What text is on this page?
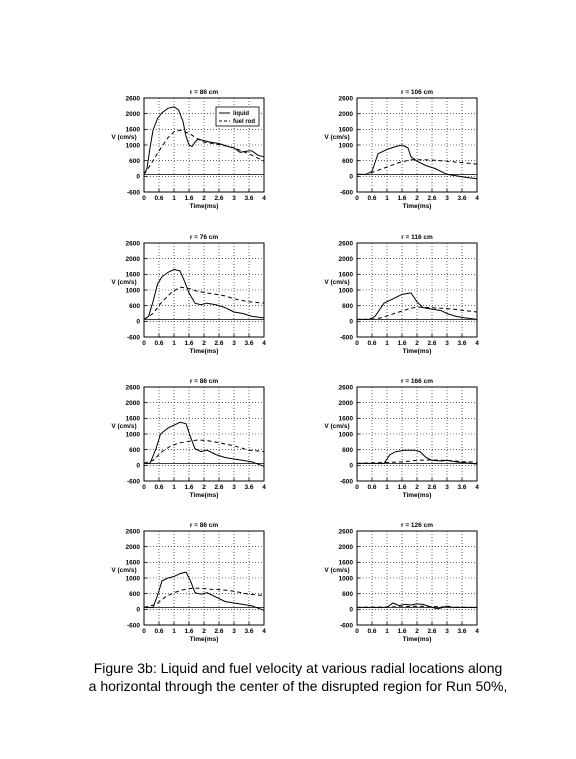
0 0.6 1 1.6 2 2.6 3 3.6 4
2600
2000
1600
1000
600
0
-600
r = 86 cm
Time(ms)
V (cm/s)
liquid
fuel rod
0 0.6 1 1.6 2 2.6 3 3.6 4
2600
2000
1600
1000
600
0
-600
r = 106 cm
Time(ms)
V (cm/s)
0 0.6 1 1.6 2 2.6 3 3.6 4
2600
2000
1600
1000
600
0
-600
r = 76 cm
Time(ms)
V (cm/s)
0 0.6 1 1.6 2 2.6 3 3.6 4
2600
2000
1600
1000
600
0
-600
r = 116 cm
Time(ms)
V (cm/s)
0 0.6 1 1.6 2 2.6 3 3.6 4
2600
2000
1600
1000
600
0
-600
r = 86 cm
Time(ms)
V (cm/s)
0 0.6 1 1.6 2 2.6 3 3.6 4
2600
2000
1600
1000
600
0
-600
r = 166 cm
Time(ms)
V (cm/s)
0 0.6 1 1.6 2 2.6 3 3.6 4
2600
2000
1600
1000
600
0
-600
r = 86 cm
Time(ms)
V (cm/s)
0 0.6 1 1.6 2 2.6 3 3.6 4
2600
2000
1600
1000
600
0
-600
r = 126 cm
Time(ms)
V (cm/s)
Figure 3b: Liquid and fuel velocity at various radial locations along
a horizontal through the center of the disrupted region for Run 50%,
